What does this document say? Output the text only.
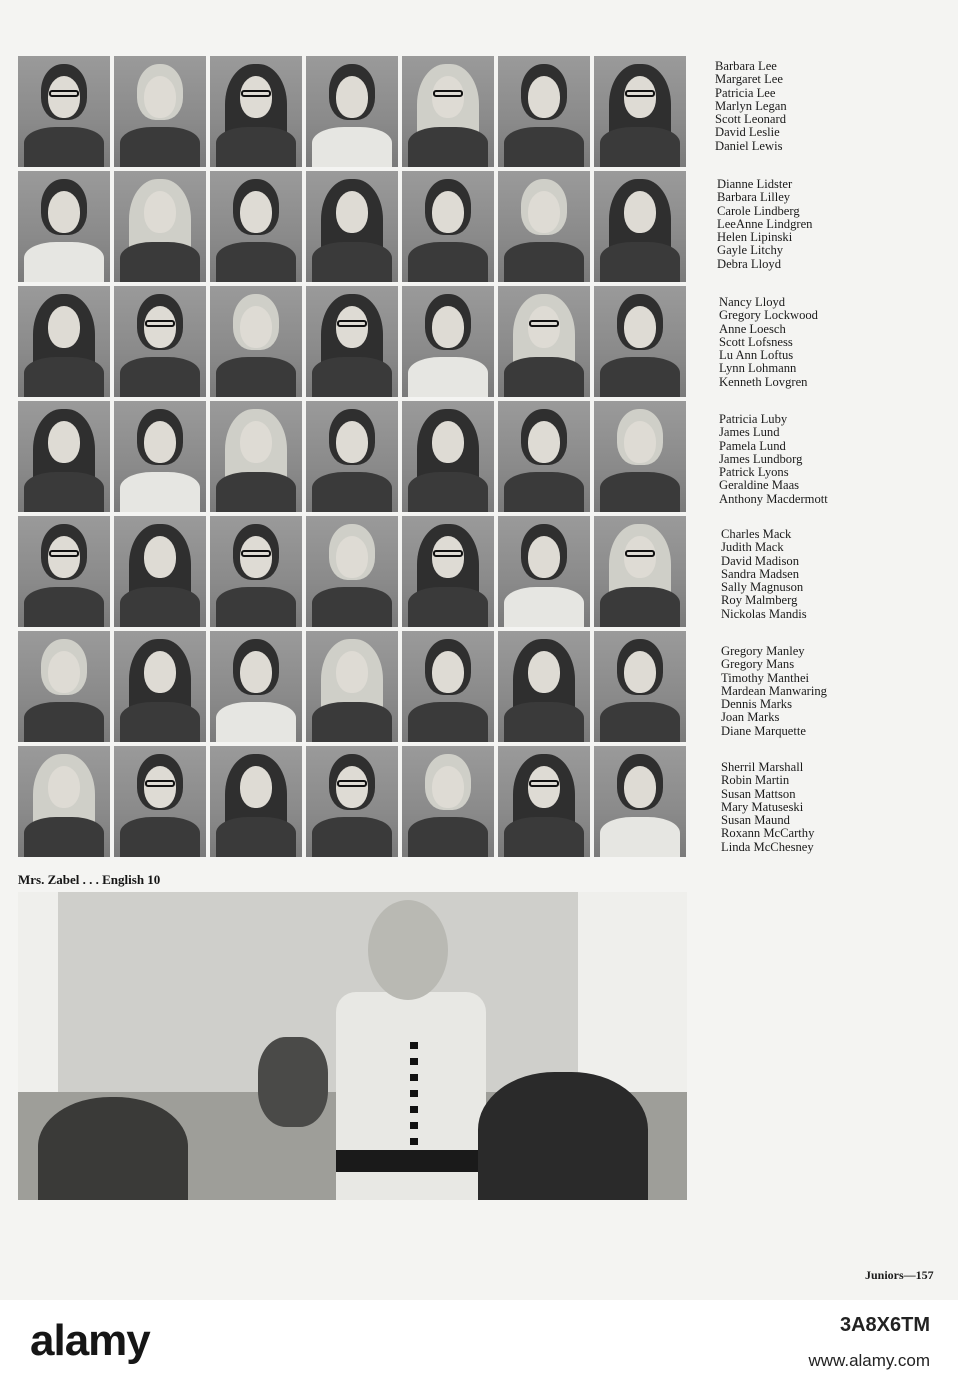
Barbara Lee
Margaret Lee
Patricia Lee
Marlyn Legan
Scott Leonard
David Leslie
Daniel Lewis
Dianne Lidster
Barbara Lilley
Carole Lindberg
LeeAnne Lindgren
Helen Lipinski
Gayle Litchy
Debra Lloyd
Nancy Lloyd
Gregory Lockwood
Anne Loesch
Scott Lofsness
Lu Ann Loftus
Lynn Lohmann
Kenneth Lovgren
Patricia Luby
James Lund
Pamela Lund
James Lundborg
Patrick Lyons
Geraldine Maas
Anthony Macdermott
Charles Mack
Judith Mack
David Madison
Sandra Madsen
Sally Magnuson
Roy Malmberg
Nickolas Mandis
Gregory Manley
Gregory Mans
Timothy Manthei
Mardean Manwaring
Dennis Marks
Joan Marks
Diane Marquette
Sherril Marshall
Robin Martin
Susan Mattson
Mary Matuseski
Susan Maund
Roxann McCarthy
Linda McChesney
Mrs. Zabel . . . English 10
Juniors—157
alamy	3A8X6TM
www.alamy.com
